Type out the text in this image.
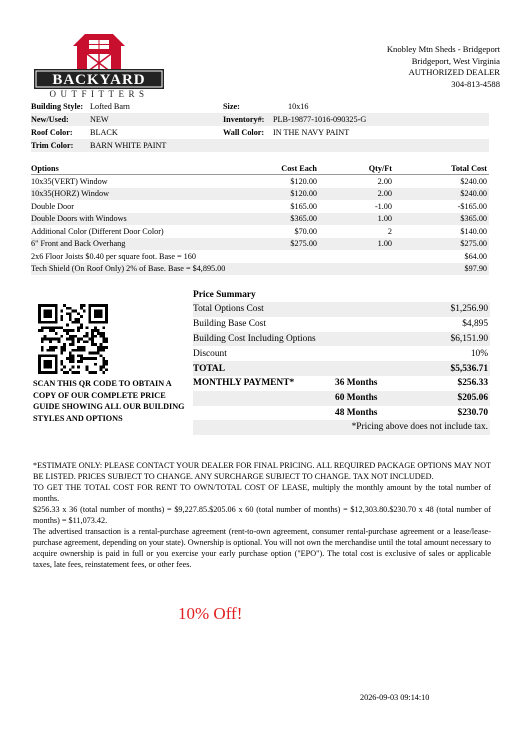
BACKYARD
OUTFITTERS
Knobley Mtn Sheds - Bridgeport
Bridgeport, West Virginia
AUTHORIZED DEALER
304-813-4588
Building Style: Lofted Barn	Size:	10x16
New/Used:	NEW	Inventory#:	PLB-19877-1016-090325-G
Roof Color:	BLACK	Wall Color:	IN THE NAVY PAINT
Trim Color:	BARN WHITE PAINT
Options	Cost Each	Qty/Ft	Total Cost
10x35(VERT) Window	$120.00	2.00	$240.00
10x35(HORZ) Window	$120.00	2.00	$240.00
Double Door	$165.00	-1.00	-$165.00
Double Doors with Windows	$365.00	1.00	$365.00
Additional Color (Different Door Color)	$70.00	2	$140.00
6" Front and Back Overhang	$275.00	1.00	$275.00
2x6 Floor Joists $0.40 per square foot. Base = 160	$64.00
Tech Shield (On Roof Only) 2% of Base. Base = $4,895.00	$97.90
SCAN THIS QR CODE TO OBTAIN A COPY OF OUR COMPLETE PRICE GUIDE SHOWING ALL OUR BUILDING STYLES AND OPTIONS
Price Summary
Total Options Cost	$1,256.90
Building Base Cost	$4,895
Building Cost Including Options	$6,151.90
Discount	10%
TOTAL	$5,536.71
MONTHLY PAYMENT*	36 Months	$256.33
60 Months	$205.06
48 Months	$230.70
*Pricing above does not include tax.

*ESTIMATE ONLY: PLEASE CONTACT YOUR DEALER FOR FINAL PRICING. ALL REQUIRED PACKAGE OPTIONS MAY NOT BE LISTED. PRICES SUBJECT TO CHANGE. ANY SURCHARGE SUBJECT TO CHANGE. TAX NOT INCLUDED.

TO GET THE TOTAL COST FOR RENT TO OWN/TOTAL COST OF LEASE, multiply the monthly amount by the total number of months.

$256.33 x 36 (total number of months) = $9,227.85.$205.06 x 60 (total number of months) = $12,303.80.$230.70 x 48 (total number of months) = $11,073.42.

The advertised transaction is a rental-purchase agreement (rent-to-own agreement, consumer rental-purchase agreement or a lease/lease-purchase agreement, depending on your state). Ownership is optional. You will not own the merchandise until the total amount necessary to acquire ownership is paid in full or you exercise your early purchase option ("EPO"). The total cost is exclusive of sales or applicable taxes, late fees, reinstatement fees, or other fees.

10% Off!
2026-09-03 09:14:10
